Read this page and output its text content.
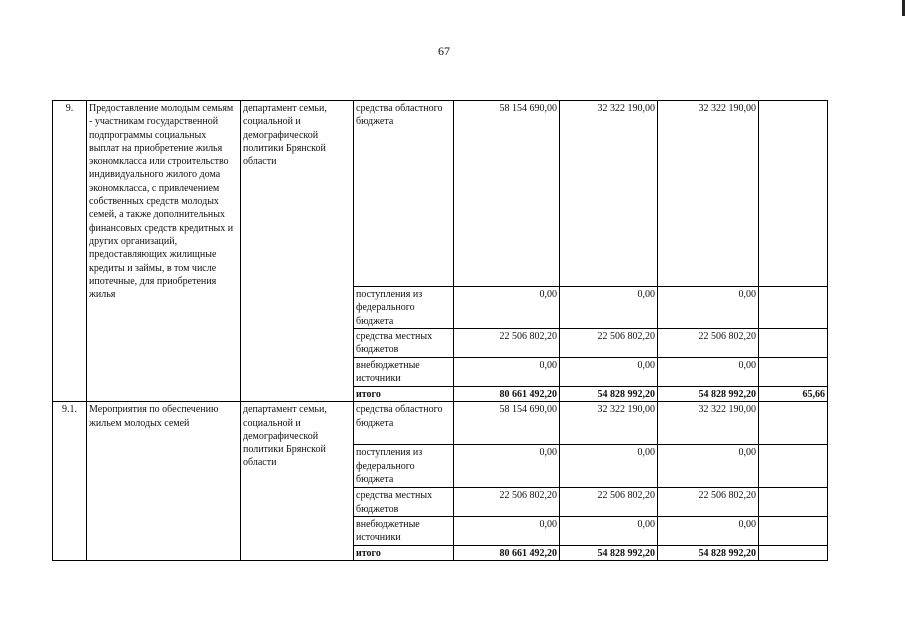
67
9.	Предоставление молодым семьям - участникам государственной подпрограммы социальных выплат на приобретение жилья экономкласса или строительство индивидуального жилого дома экономкласса, с привлечением собственных средств молодых семей, а также дополнительных финансовых средств кредитных и других организаций, предоставляющих жилищные кредиты и займы, в том числе ипотечные, для приобретения жилья	департамент семьи, социальной и демографической политики Брянской области	средства областного бюджета	58 154 690,00	32 322 190,00	32 322 190,00	
			поступления из федерального бюджета	0,00	0,00	0,00	
			средства местных бюджетов	22 506 802,20	22 506 802,20	22 506 802,20	
			внебюджетные источники	0,00	0,00	0,00	
			итого	80 661 492,20	54 828 992,20	54 828 992,20	65,66
9.1.	Мероприятия по обеспечению жильем молодых семей	департамент семьи, социальной и демографической политики Брянской области	средства областного бюджета	58 154 690,00	32 322 190,00	32 322 190,00	
			поступления из федерального бюджета	0,00	0,00	0,00	
			средства местных бюджетов	22 506 802,20	22 506 802,20	22 506 802,20	
			внебюджетные источники	0,00	0,00	0,00	
			итого	80 661 492,20	54 828 992,20	54 828 992,20	
